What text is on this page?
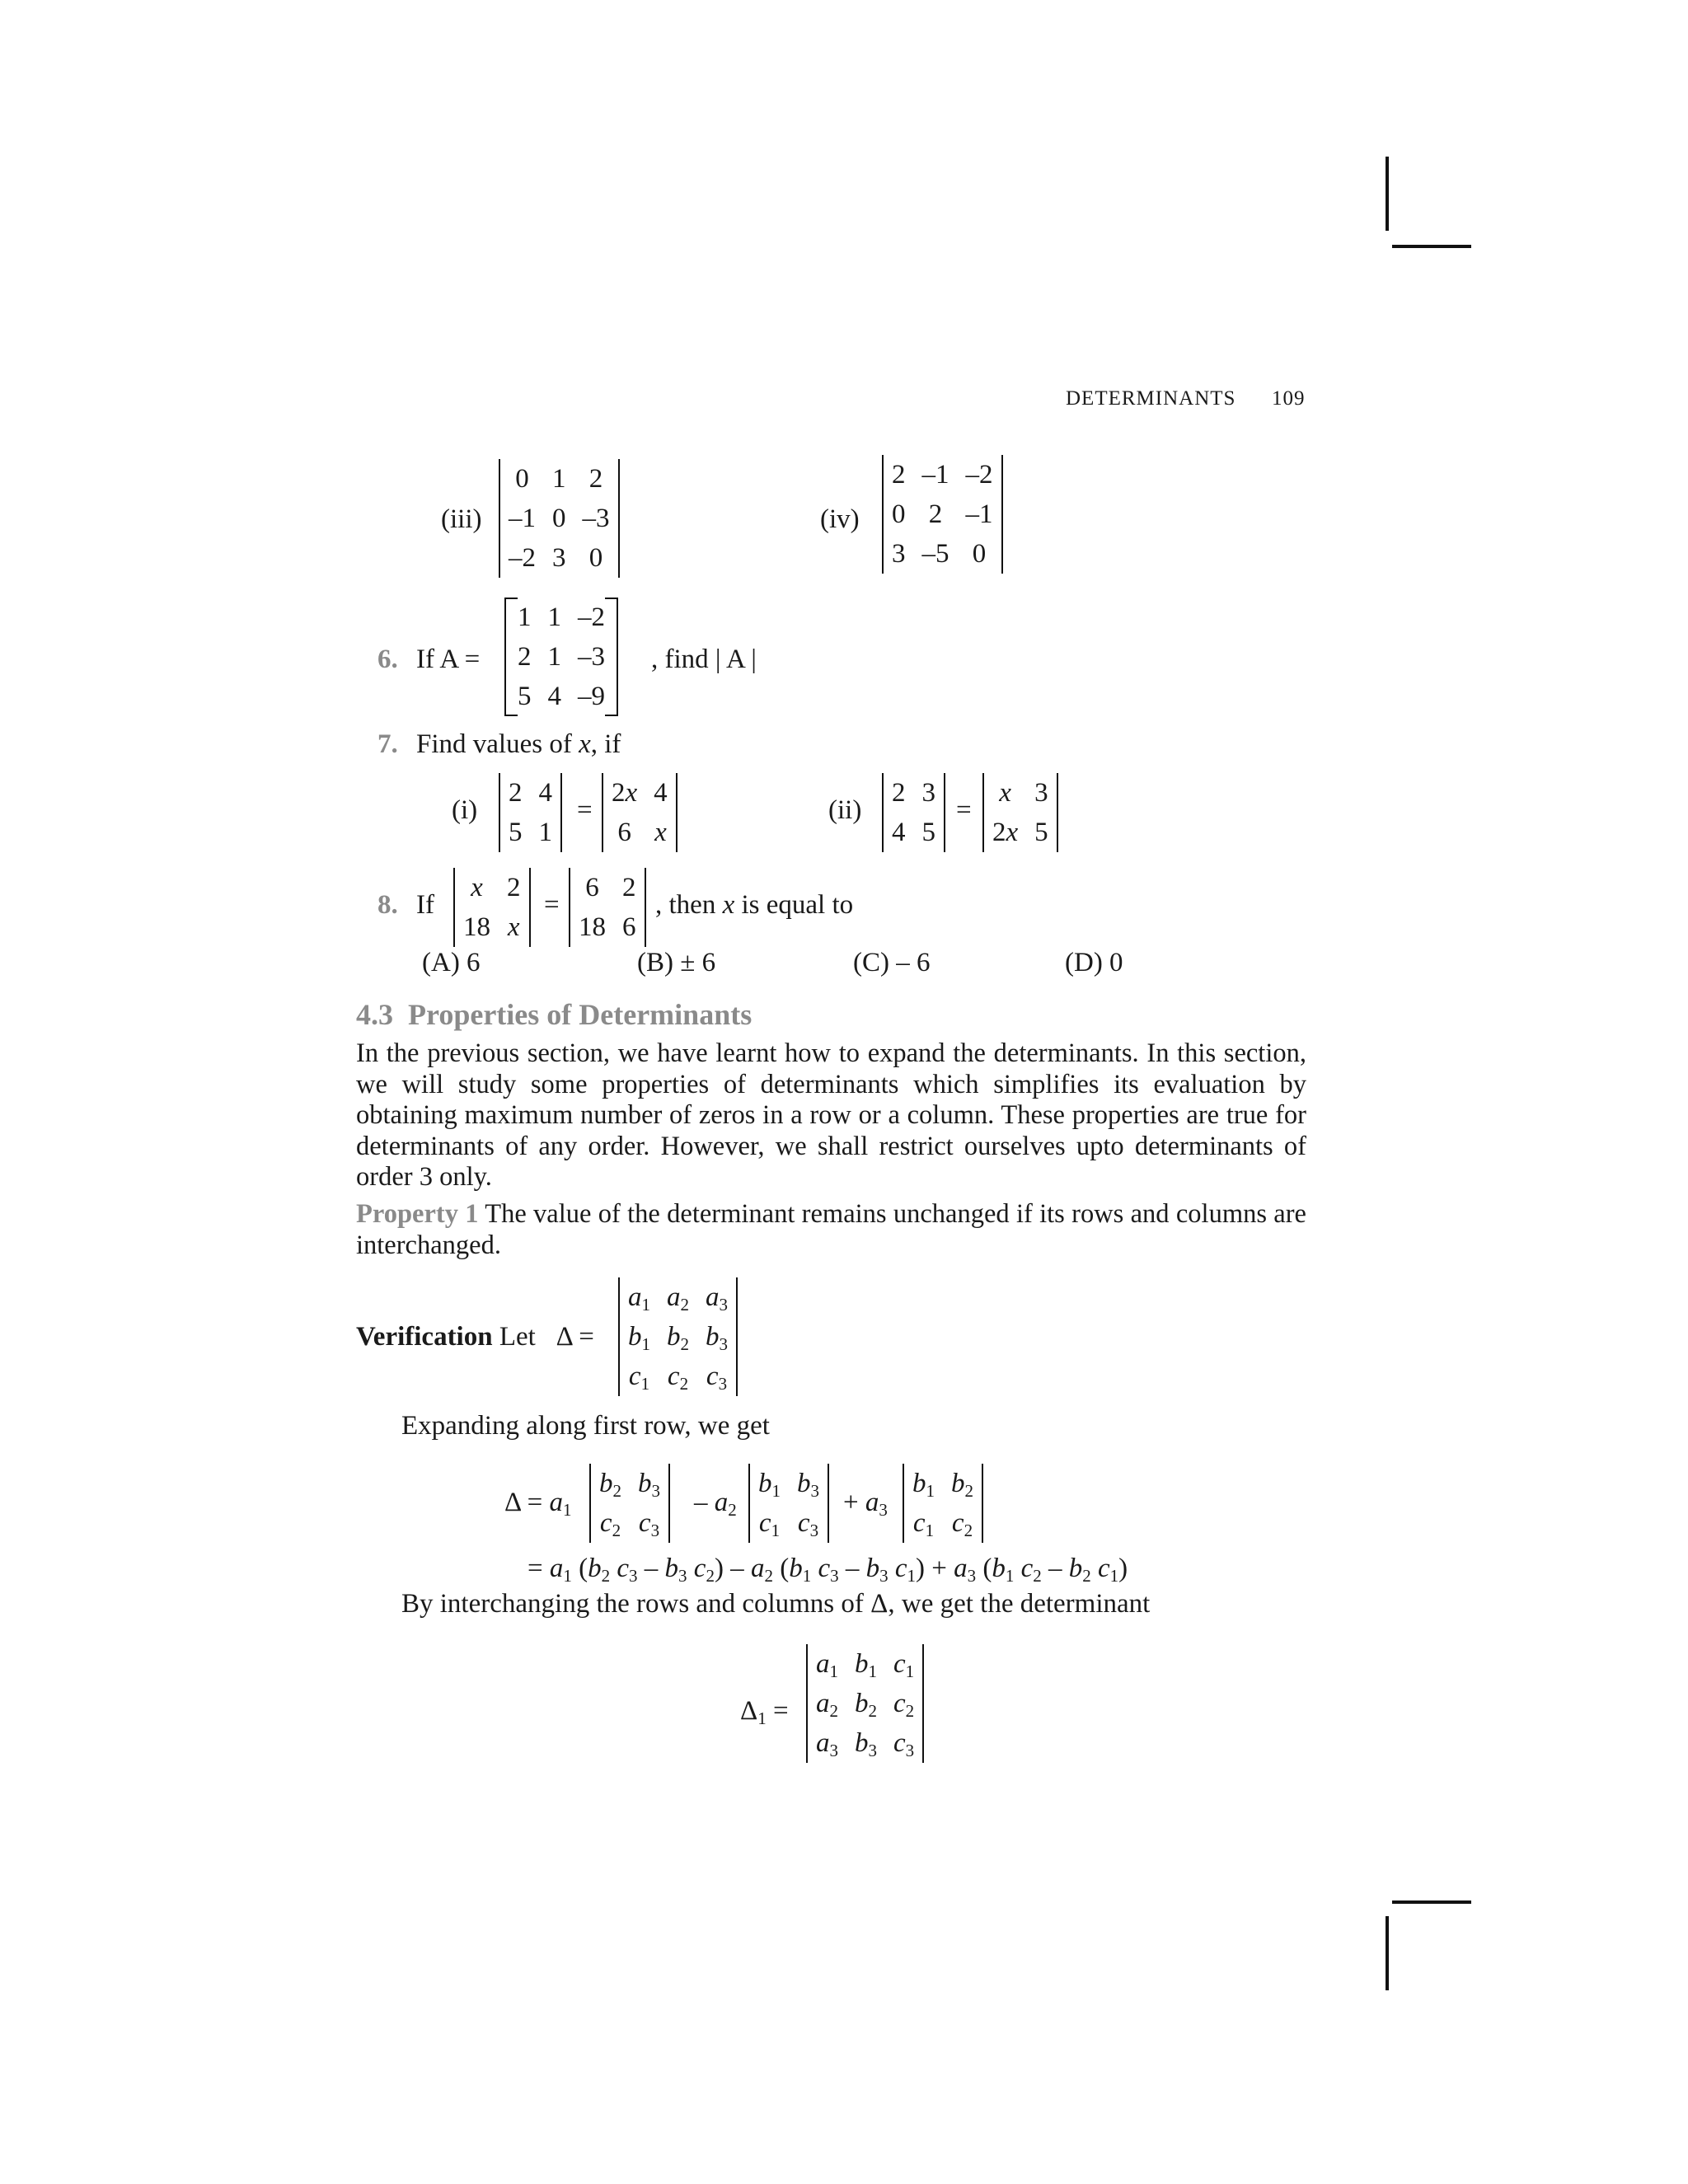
DETERMINANTS 109
(iii)
0	1	2
–1	0	–3
–2	3	0
(iv)
2	–1	–2
0	2	–1
3	–5	0
6. If A =
1	1	–2
2	1	–3
5	4	–9
, find | A |
7. Find values of x, if
(i)
2	4
5	1
=
2x	4
6	x
(ii)
2	3
4	5
=
x	3
2x	5
8. If
x	2
18	x
=
6	2
18	6
, then x is equal to
(A) 6	(B) ± 6	(C) – 6	(D) 0
4.3  Properties of Determinants
In the previous section, we have learnt how to expand the determinants. In this section, we will study some properties of determinants which simplifies its evaluation by obtaining maximum number of zeros in a row or a column. These properties are true for determinants of any order. However, we shall restrict ourselves upto determinants of order 3 only.
Property 1 The value of the determinant remains unchanged if its rows and columns are interchanged.
Verification Let   Δ =
$a_1$	$a_2$	$a_3$
$b_1$	$b_2$	$b_3$
$c_1$	$c_2$	$c_3$
Expanding along first row, we get
$\Delta = a_1$
$b_2$	$b_3$
$c_2$	$c_3$
– $a_2$
$b_1$	$b_3$
$c_1$	$c_3$
+ $a_3$
$b_1$	$b_2$
$c_1$	$c_2$
= $a_1$ ($b_2$ $c_3 - b_3$ $c_2) - a_2$ ($b_1$ $c_3 - b_3$ $c_1) + a_3$ ($b_1$ $c_2 - b_2$ $c_1$)
By interchanging the rows and columns of Δ, we get the determinant
$\Delta_1$ =
$a_1$	$b_1$	$c_1$
$a_2$	$b_2$	$c_2$
$a_3$	$b_3$	$c_3$
